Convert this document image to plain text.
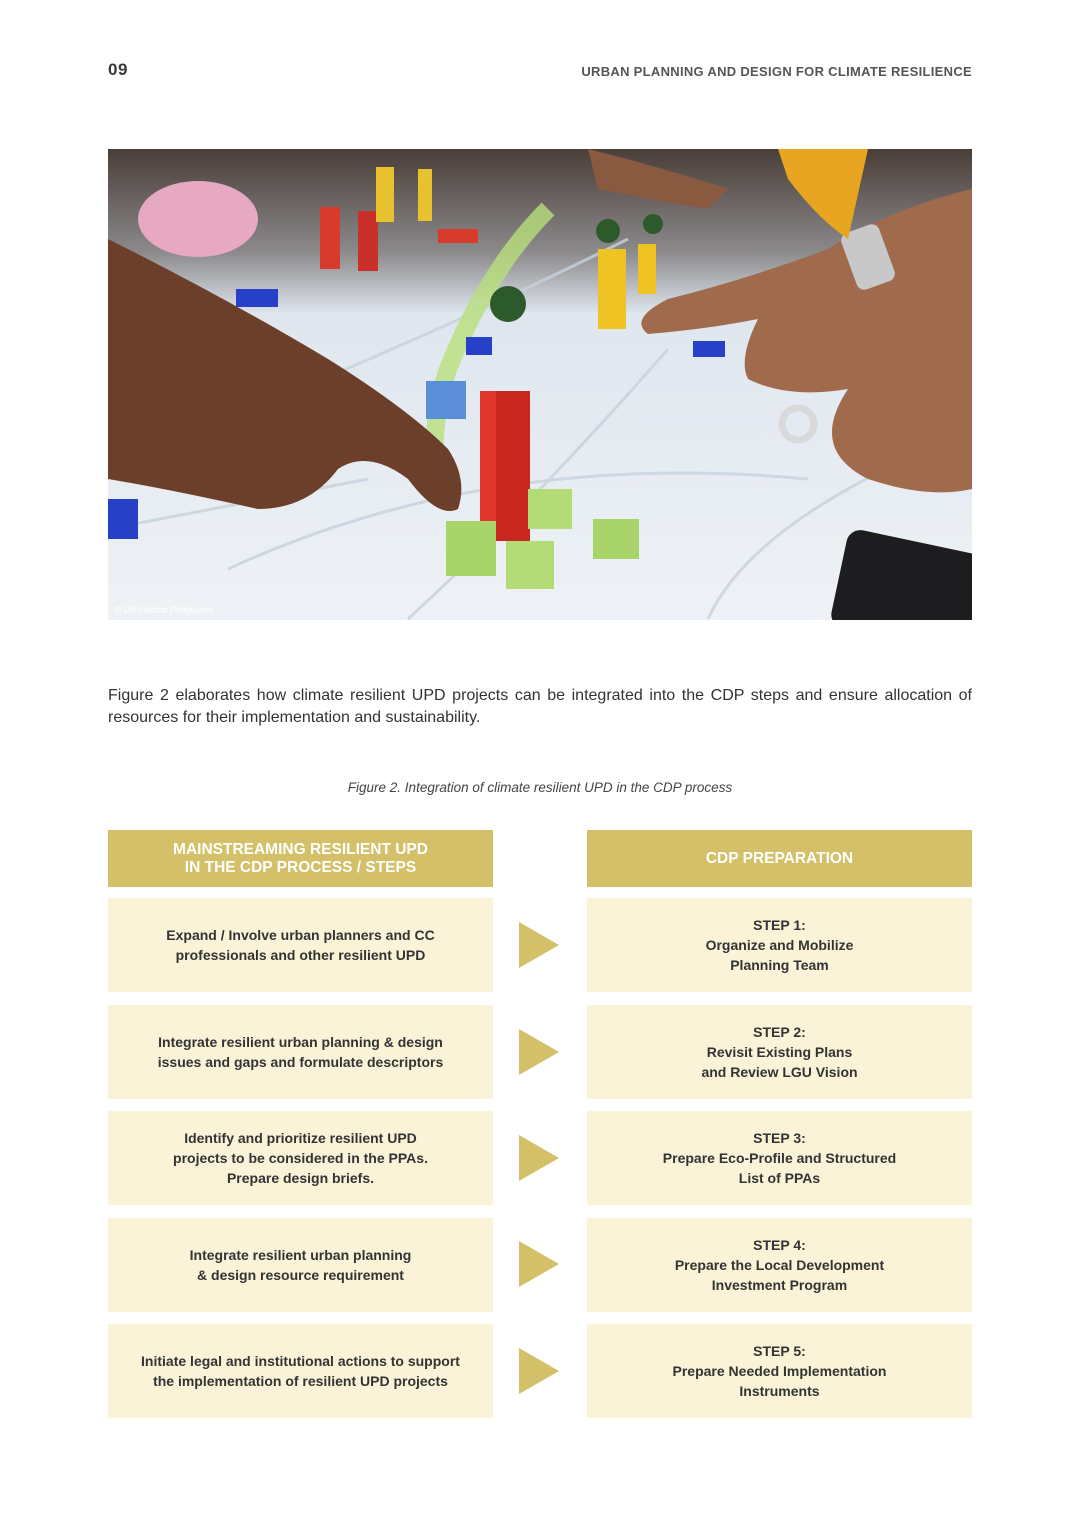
09	URBAN PLANNING AND DESIGN FOR CLIMATE RESILIENCE
© UN-Habitat Philippines
Figure 2 elaborates how climate resilient UPD projects can be integrated into the CDP steps and ensure allocation of resources for their implementation and sustainability.
Figure 2. Integration of climate resilient UPD in the CDP process
MAINSTREAMING RESILIENT UPD
IN THE CDP PROCESS / STEPS
CDP PREPARATION
Expand / Involve urban planners and CC
professionals and other resilient UPD
STEP 1:
Organize and Mobilize
Planning Team
Integrate resilient urban planning & design
issues and gaps and formulate descriptors
STEP 2:
Revisit Existing Plans
and Review LGU Vision
Identify and prioritize resilient UPD
projects to be considered in the PPAs.
Prepare design briefs.
STEP 3:
Prepare Eco-Profile and Structured
List of PPAs
Integrate resilient urban planning
& design resource requirement
STEP 4:
Prepare the Local Development
Investment Program
Initiate legal and institutional actions to support
the implementation of resilient UPD projects
STEP 5:
Prepare Needed Implementation
Instruments
